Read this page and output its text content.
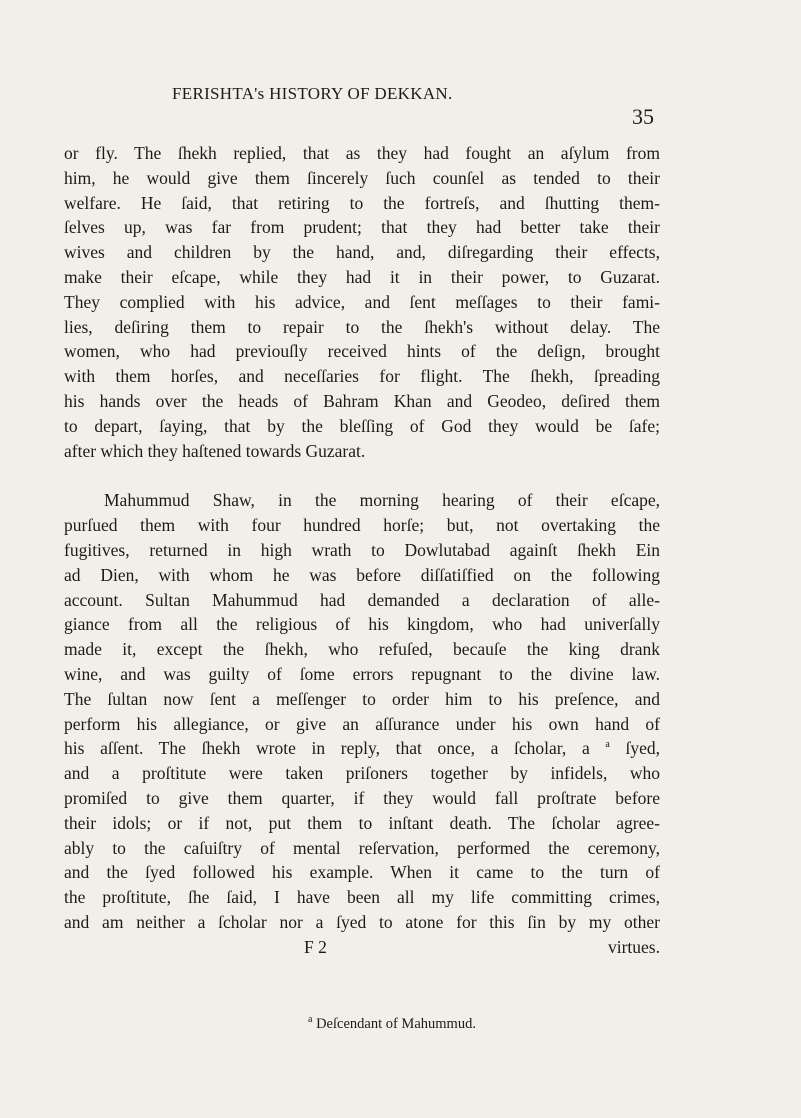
FERISHTA's HISTORY OF DEKKAN.
35
or fly. The ſhekh replied, that as they had fought an aſylum from
him, he would give them ſincerely ſuch counſel as tended to their
welfare. He ſaid, that retiring to the fortreſs, and ſhutting them-
ſelves up, was far from prudent; that they had better take their
wives and children by the hand, and, diſregarding their effects,
make their eſcape, while they had it in their power, to Guzarat.
They complied with his advice, and ſent meſſages to their fami-
lies, deſiring them to repair to the ſhekh's without delay. The
women, who had previouſly received hints of the deſign, brought
with them horſes, and neceſſaries for flight. The ſhekh, ſpreading
his hands over the heads of Bahram Khan and Geodeo, deſired them
to depart, ſaying, that by the bleſſing of God they would be ſafe;
after which they haſtened towards Guzarat.
Mahummud Shaw, in the morning hearing of their eſcape,
purſued them with four hundred horſe; but, not overtaking the
fugitives, returned in high wrath to Dowlutabad againſt ſhekh Ein
ad Dien, with whom he was before diſſatiſfied on the following
account. Sultan Mahummud had demanded a declaration of alle-
giance from all the religious of his kingdom, who had univerſally
made it, except the ſhekh, who refuſed, becauſe the king drank
wine, and was guilty of ſome errors repugnant to the divine law.
The ſultan now ſent a meſſenger to order him to his preſence, and
perform his allegiance, or give an aſſurance under his own hand of
his aſſent. The ſhekh wrote in reply, that once, a ſcholar, a $^a$ ſyed,
and a proſtitute were taken priſoners together by infidels, who
promiſed to give them quarter, if they would fall proſtrate before
their idols; or if not, put them to inſtant death. The ſcholar agree-
ably to the caſuiſtry of mental reſervation, performed the ceremony,
and the ſyed followed his example. When it came to the turn of
the proſtitute, ſhe ſaid, I have been all my life committing crimes,
and am neither a ſcholar nor a ſyed to atone for this ſin by my other
F 2	virtues.
$^a$ Deſcendant of Mahummud.
